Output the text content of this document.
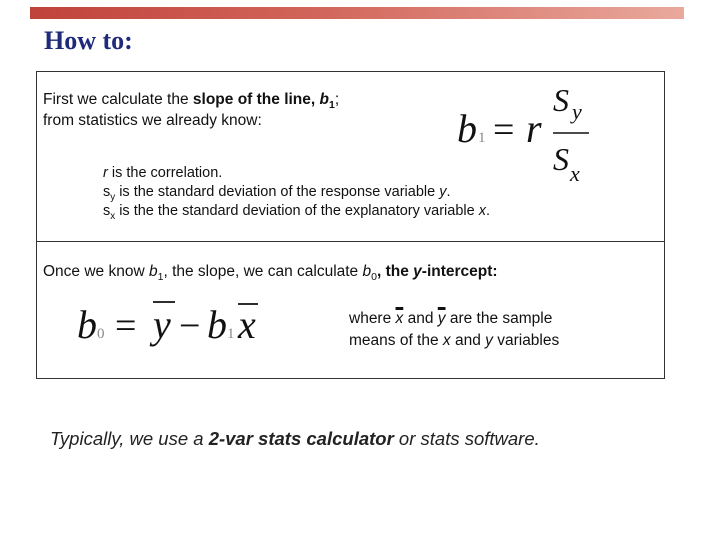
How to:
First we calculate the slope of the line, $b_1$;
from statistics we already know:	b 1 = r
S y
S x
r is the correlation.
$s_y$ is the standard deviation of the response variable y.
$s_x$ is the the standard deviation of the explanatory variable x.
Once we know $b_1$, the slope, we can calculate $b_0$, the y-intercept:
b 0 = y − b 1 x	where $\overline{x}$ and $\overline{y}$ are the sample
means of the x and y variables
Typically, we use a 2-var stats calculator or stats software.
